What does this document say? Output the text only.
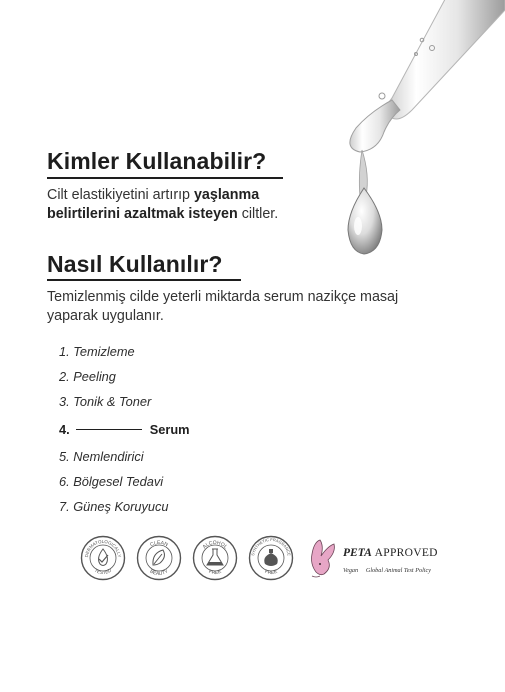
Kimler Kullanabilir?
Cilt elastikiyetini artırıp yaşlanma belirtilerini azaltmak isteyen ciltler.
Nasıl Kullanılır?
Temizlenmiş cilde yeterli miktarda serum nazikçe masaj yaparak uygulanır.
1. Temizleme
2. Peeling
3. Tonik & Toner
4.	Serum
5. Nemlendirici
6. Bölgesel Tedavi
7. Güneş Koruyucu
DERMATOLOGICALLY
TESTED
CLEAN
BEAUTY
ALCOHOL
FREE
SYNTHETIC FRAGRANCE
FREE
PETA APPROVED
Vegan Global Animal Test Policy
